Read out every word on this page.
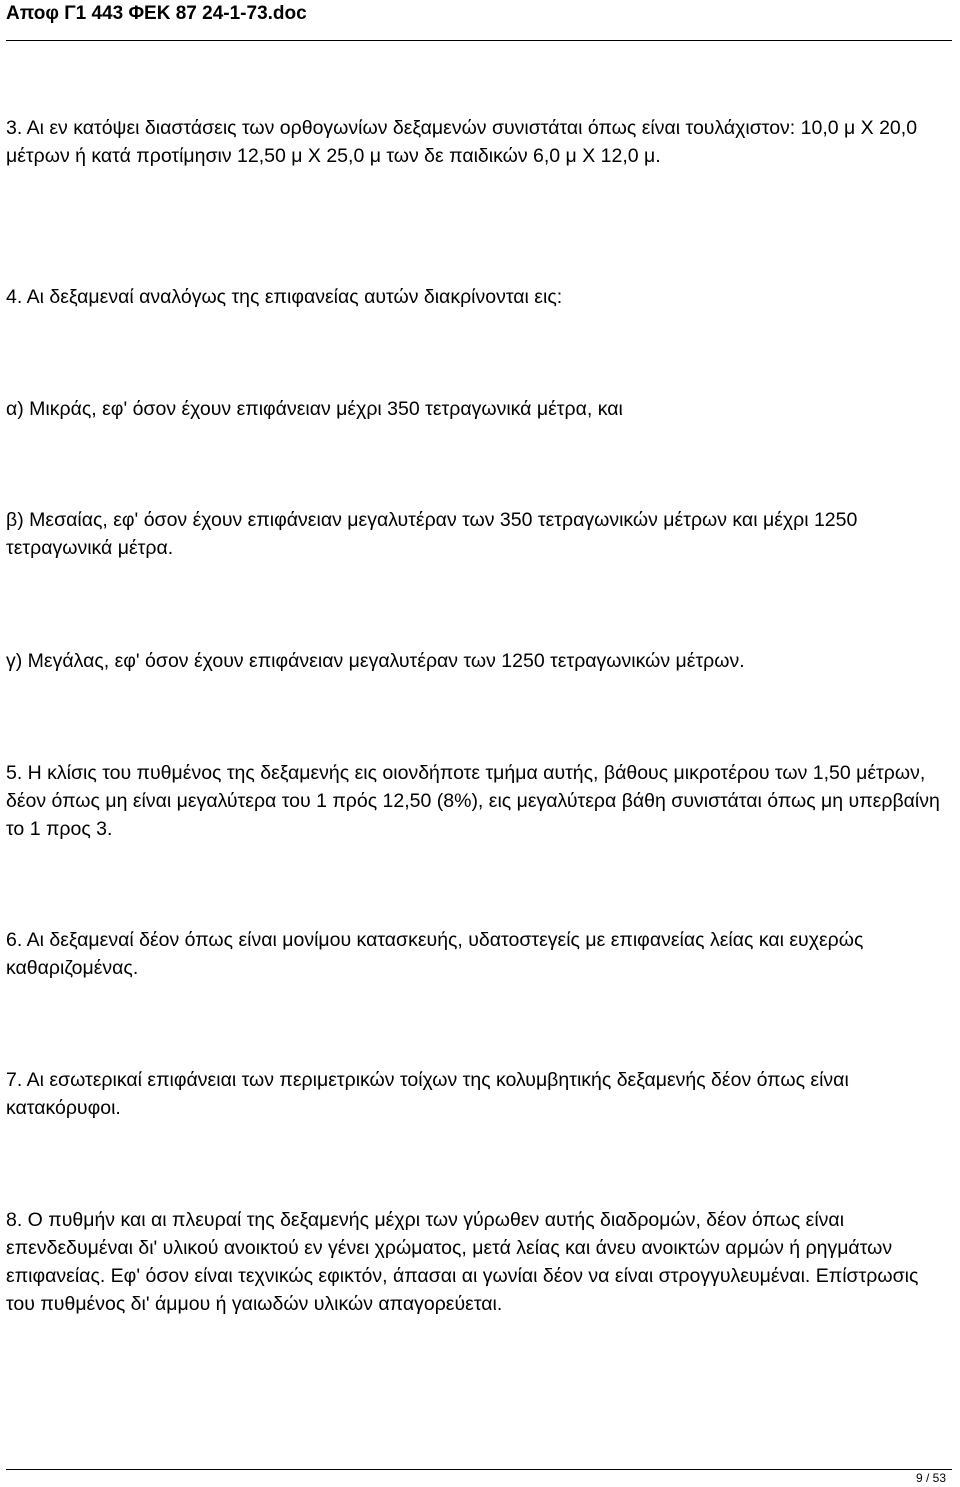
Αποφ Γ1 443 ΦΕΚ 87 24-1-73.doc

3. Αι εν κατόψει διαστάσεις των ορθογωνίων δεξαμενών συνιστάται όπως είναι τουλάχιστον: 10,0 μ Χ 20,0 μέτρων ή κατά προτίμησιν 12,50 μ Χ 25,0 μ των δε παιδικών 6,0 μ Χ 12,0 μ.

4. Αι δεξαμεναί αναλόγως της επιφανείας αυτών διακρίνονται εις:

α) Μικράς, εφ' όσον έχουν επιφάνειαν μέχρι 350 τετραγωνικά μέτρα, και

β) Μεσαίας, εφ' όσον έχουν επιφάνειαν μεγαλυτέραν των 350 τετραγωνικών μέτρων και μέχρι 1250 τετραγωνικά μέτρα.

γ) Μεγάλας, εφ' όσον έχουν επιφάνειαν μεγαλυτέραν των 1250 τετραγωνικών μέτρων.

5. Η κλίσις του πυθμένος της δεξαμενής εις οιονδήποτε τμήμα αυτής, βάθους μικροτέρου των 1,50 μέτρων, δέον όπως μη είναι μεγαλύτερα του 1 πρός 12,50 (8%), εις μεγαλύτερα βάθη συνιστάται όπως μη υπερβαίνη το 1 προς 3.

6. Αι δεξαμεναί δέον όπως είναι μονίμου κατασκευής, υδατοστεγείς με επιφανείας λείας και ευχερώς καθαριζομένας.

7. Αι εσωτερικαί επιφάνειαι των περιμετρικών τοίχων της κολυμβητικής δεξαμενής δέον όπως είναι κατακόρυφοι.

8. Ο πυθμήν και αι πλευραί της δεξαμενής μέχρι των γύρωθεν αυτής διαδρομών, δέον όπως είναι επενδεδυμέναι δι' υλικού ανοικτού εν γένει χρώματος, μετά λείας και άνευ ανοικτών αρμών ή ρηγμάτων επιφανείας. Εφ' όσον είναι τεχνικώς εφικτόν, άπασαι αι γωνίαι δέον να είναι στρογγυλευμέναι. Επίστρωσις του πυθμένος δι' άμμου ή γαιωδών υλικών απαγορεύεται.

9 / 53
